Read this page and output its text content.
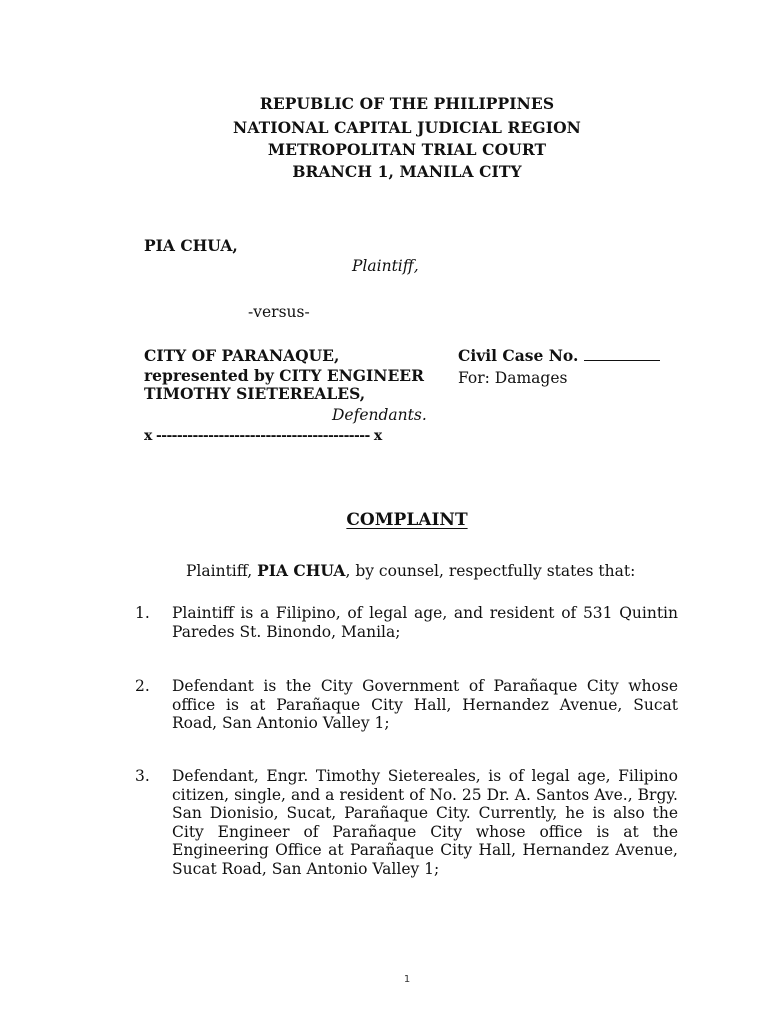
REPUBLIC OF THE PHILIPPINES
NATIONAL CAPITAL JUDICIAL REGION
METROPOLITAN TRIAL COURT
BRANCH 1, MANILA CITY
PIA CHUA,
Plaintiff,
-versus-
CITY OF PARANAQUE,
represented by CITY ENGINEER
TIMOTHY SIETEREALES,
Defendants.
x ----------------------------------------- x
Civil Case No.
For: Damages
COMPLAINT
Plaintiff, PIA CHUA, by counsel, respectfully states that:
1. Plaintiff is a Filipino, of legal age, and resident of 531 Quintin Paredes St. Binondo, Manila;
2. Defendant is the City Government of Parañaque City whose office is at Parañaque City Hall, Hernandez Avenue, Sucat Road, San Antonio Valley 1;
3. Defendant, Engr. Timothy Sietereales, is of legal age, Filipino citizen, single, and a resident of No. 25 Dr. A. Santos Ave., Brgy. San Dionisio, Sucat, Parañaque City. Currently, he is also the City Engineer of Parañaque City whose office is at the Engineering Office at Parañaque City Hall, Hernandez Avenue, Sucat Road, San Antonio Valley 1;
1
